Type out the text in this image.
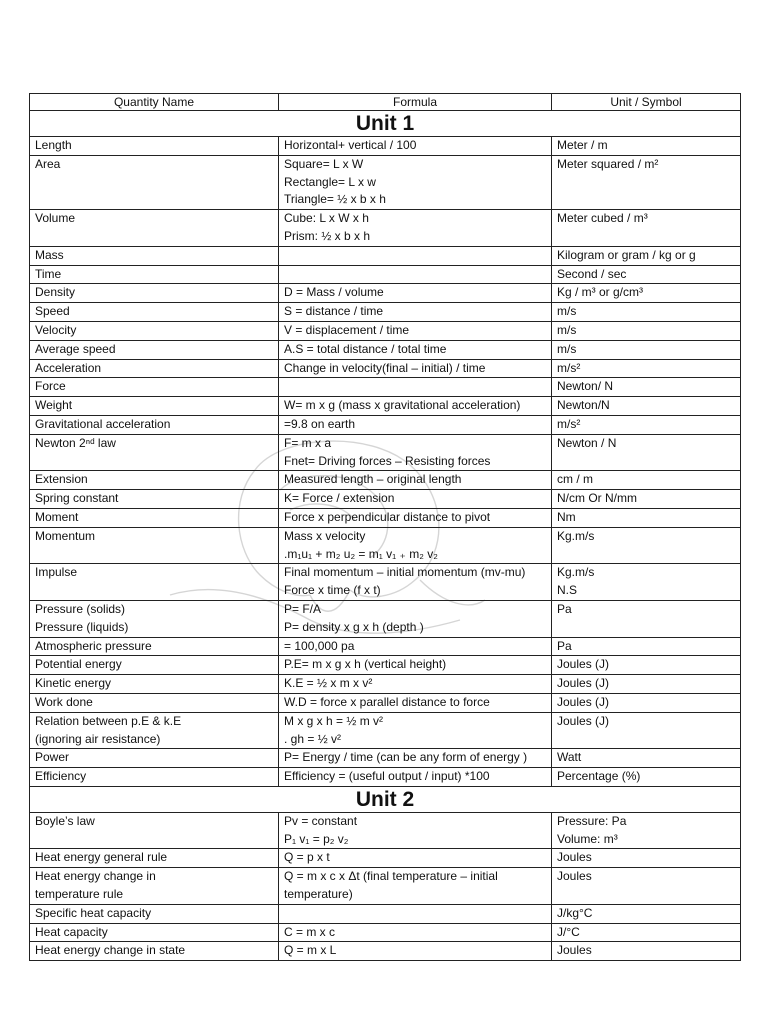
Quantity Name	Formula	Unit / Symbol
Unit 1		

Length	Horizontal+ vertical / 100	Meter / m

Area	Square= L x W
Rectangle= L x w
Triangle= ½ x b x h	Meter squared / m²

Volume	Cube: L x W x h
Prism: ½ x b x h	Meter cubed / m³

Mass		Kilogram or gram / kg or g

Time		Second / sec

Density	D = Mass / volume	Kg / m³ or g/cm³

Speed	S = distance / time	m/s

Velocity	V = displacement / time	m/s

Average speed	A.S = total distance / total time	m/s

Acceleration	Change in velocity(final – initial) / time	m/s²

Force		Newton/ N

Weight	W= m x g (mass x gravitational acceleration)	Newton/N

Gravitational acceleration	=9.8 on earth	m/s²

Newton 2ⁿᵈ law	F= m x a
Fnet= Driving forces – Resisting forces	Newton / N

Extension	Measured length – original length	cm / m

Spring constant	K= Force / extension	N/cm Or N/mm

Moment	Force x perpendicular distance to pivot	Nm

Momentum	Mass x velocity
.m₁u₁ + m₂ u₂ = m₁ v₁ ₊ m₂ v₂	Kg.m/s

Impulse	Final momentum – initial momentum (mv-mu)
Force x time (f x t)	Kg.m/s
N.S

Pressure (solids)
Pressure (liquids)	P= F/A
P= density x g x h (depth )	Pa

Atmospheric pressure	= 100,000 pa	Pa

Potential energy	P.E= m x g x h (vertical height)	Joules (J)

Kinetic energy	K.E = ½ x m x v²	Joules (J)

Work done	W.D = force x parallel distance to force	Joules (J)

Relation between p.E & k.E
(ignoring air resistance)	M x g x h = ½ m v²
. gh = ½ v²	Joules (J)

Power	P= Energy / time (can be any form of energy )	Watt

Efficiency	Efficiency = (useful output / input) *100	Percentage (%)

Unit 2		

Boyle’s law	Pv = constant
P₁ v₁ = p₂ v₂	Pressure: Pa
Volume: m³

Heat energy general rule	Q = p x t	Joules

Heat energy change in
temperature rule	Q = m x c x Δt (final temperature – initial
temperature)	Joules

Specific heat capacity		J/kg°C

Heat capacity	C = m x c	J/°C

Heat energy change in state	Q = m x L	Joules
